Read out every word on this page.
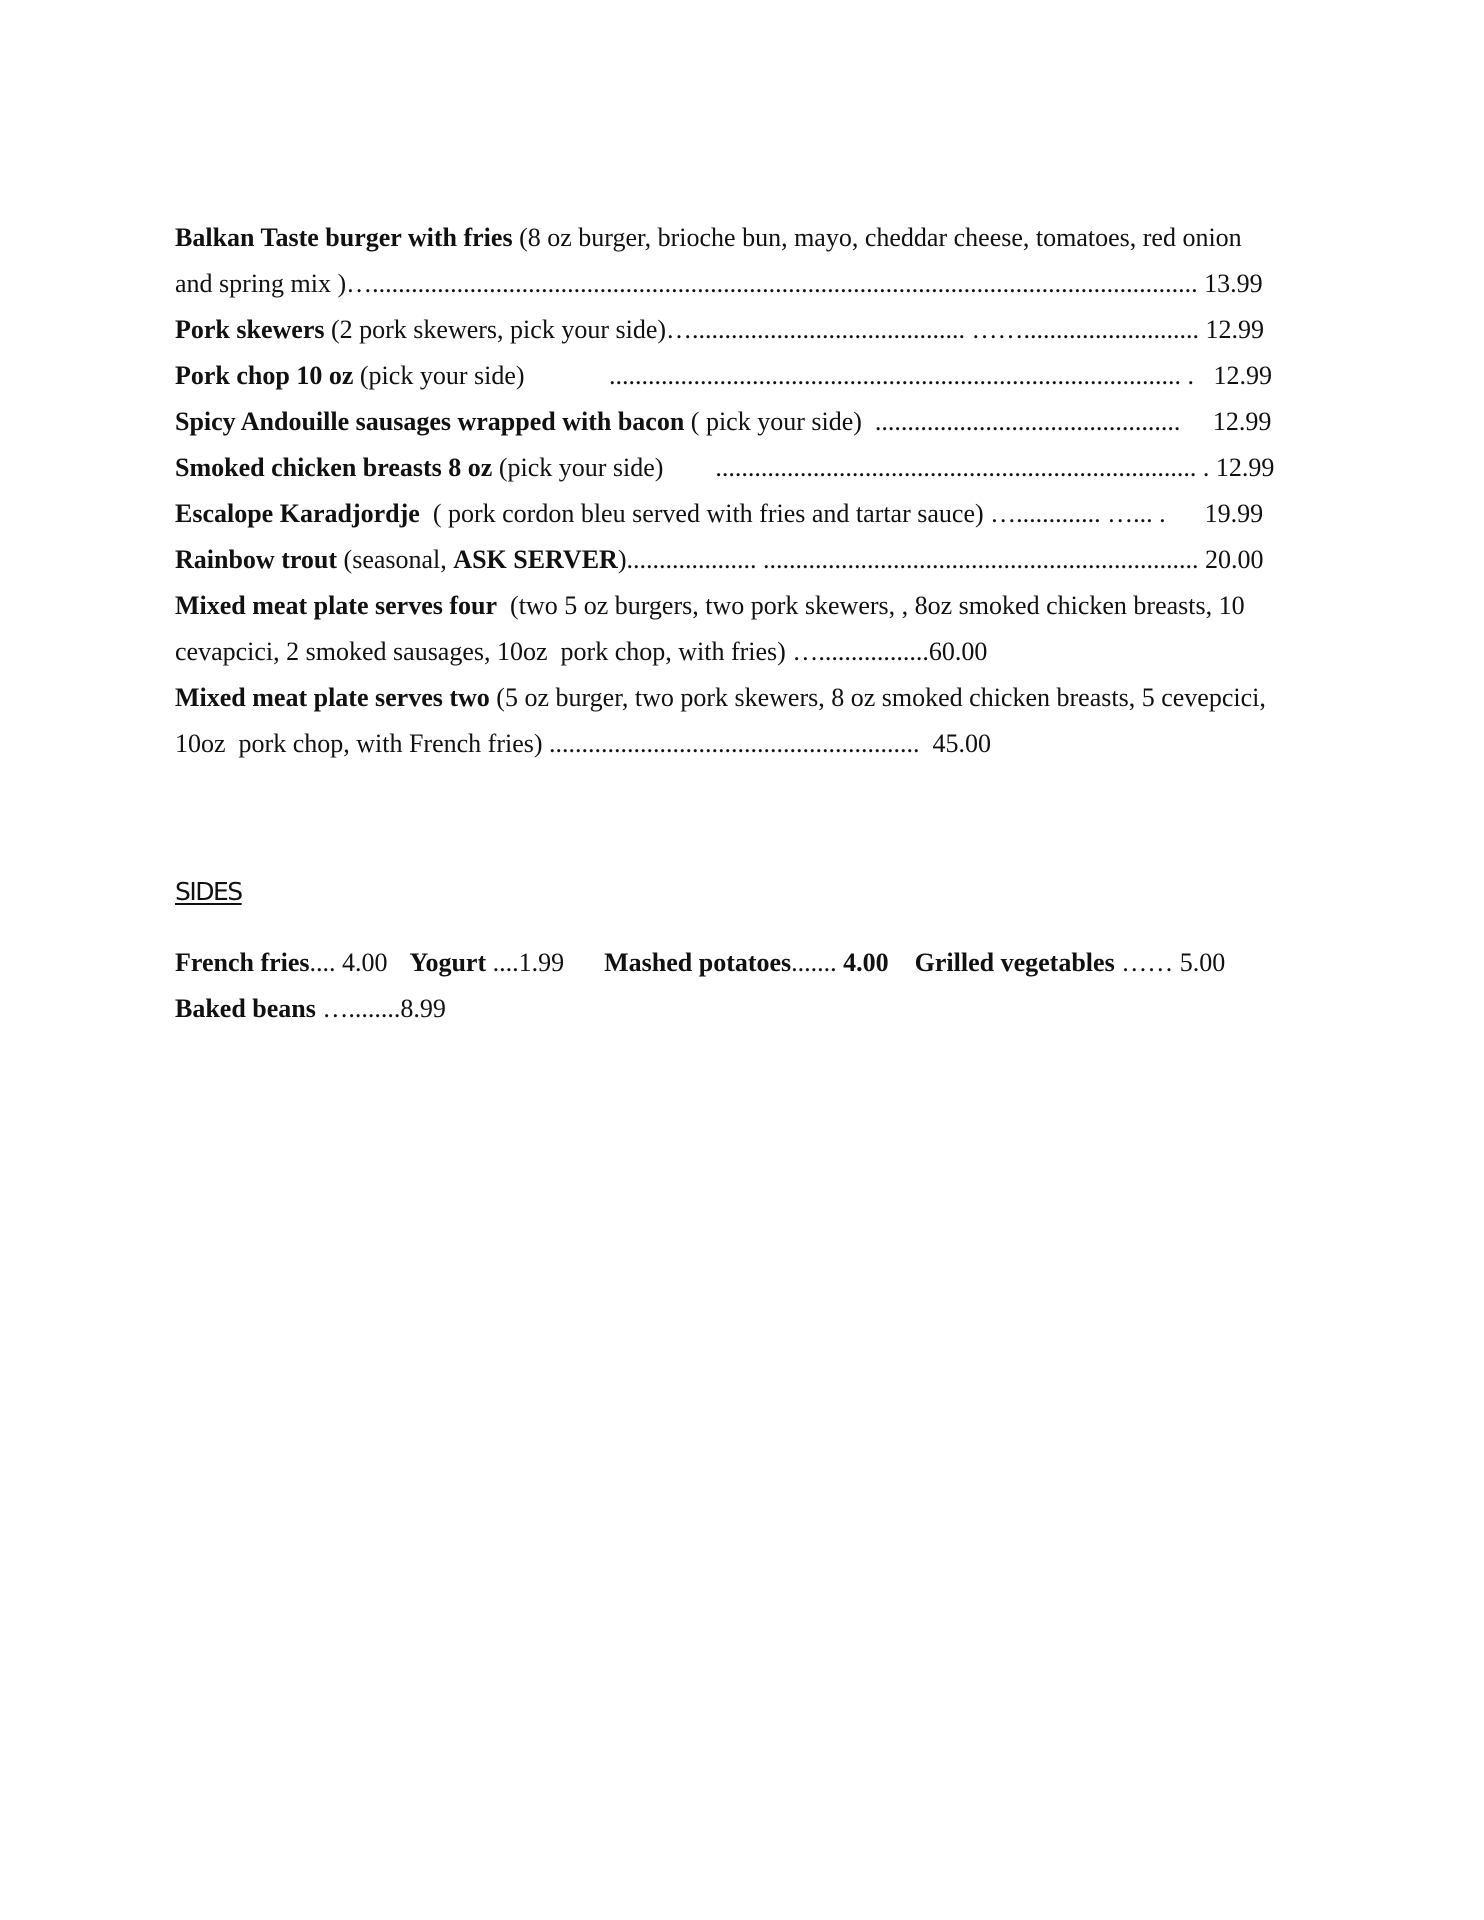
Balkan Taste burger with fries (8 oz burger, brioche bun, mayo, cheddar cheese, tomatoes, red onion
and spring mix )…............................................................................................................................... 13.99
Pork skewers (2 pork skewers, pick your side)….......................................... ……........................... 12.99
Pork chop 10 oz (pick your side)             ........................................................................................ .   12.99
Spicy Andouille sausages wrapped with bacon ( pick your side)  ...............................................     12.99
Smoked chicken breasts 8 oz (pick your side)        .......................................................................... . 12.99
Escalope Karadjordje  ( pork cordon bleu served with fries and tartar sauce) …............. …... .      19.99
Rainbow trout (seasonal, ASK SERVER).................... ................................................................... 20.00
Mixed meat plate serves four  (two 5 oz burgers, two pork skewers, , 8oz smoked chicken breasts, 10
cevapcici, 2 smoked sausages, 10oz  pork chop, with fries) ….................60.00
Mixed meat plate serves two (5 oz burger, two pork skewers, 8 oz smoked chicken breasts, 5 cevepcici,
10oz  pork chop, with French fries) .........................................................  45.00
SIDES
French fries.... 4.00 Yogurt ....1.99 Mashed potatoes....... 4.00 Grilled vegetables …… 5.00
Baked beans …........8.99
